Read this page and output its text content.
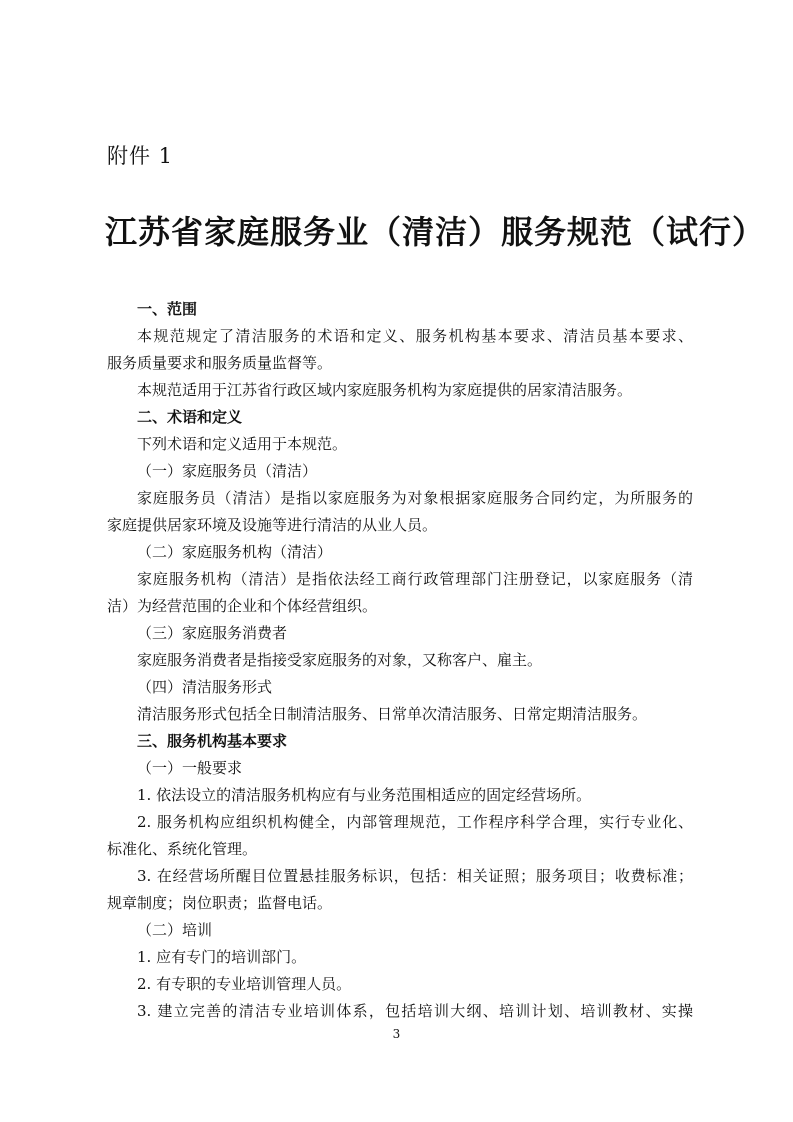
附件 1
江苏省家庭服务业（清洁）服务规范（试行）
一、范围
本规范规定了清洁服务的术语和定义、服务机构基本要求、清洁员基本要求、
服务质量要求和服务质量监督等。
本规范适用于江苏省行政区域内家庭服务机构为家庭提供的居家清洁服务。
二、术语和定义
下列术语和定义适用于本规范。
（一）家庭服务员（清洁）
家庭服务员（清洁）是指以家庭服务为对象根据家庭服务合同约定，为所服务的
家庭提供居家环境及设施等进行清洁的从业人员。
（二）家庭服务机构（清洁）
家庭服务机构（清洁）是指依法经工商行政管理部门注册登记，以家庭服务（清
洁）为经营范围的企业和个体经营组织。
（三）家庭服务消费者
家庭服务消费者是指接受家庭服务的对象，又称客户、雇主。
（四）清洁服务形式
清洁服务形式包括全日制清洁服务、日常单次清洁服务、日常定期清洁服务。
三、服务机构基本要求
（一）一般要求
1. 依法设立的清洁服务机构应有与业务范围相适应的固定经营场所。
2. 服务机构应组织机构健全，内部管理规范，工作程序科学合理，实行专业化、
标准化、系统化管理。
3. 在经营场所醒目位置悬挂服务标识，包括：相关证照；服务项目；收费标准；
规章制度；岗位职责；监督电话。
（二）培训
1. 应有专门的培训部门。
2. 有专职的专业培训管理人员。
3. 建立完善的清洁专业培训体系，包括培训大纲、培训计划、培训教材、实操
3
